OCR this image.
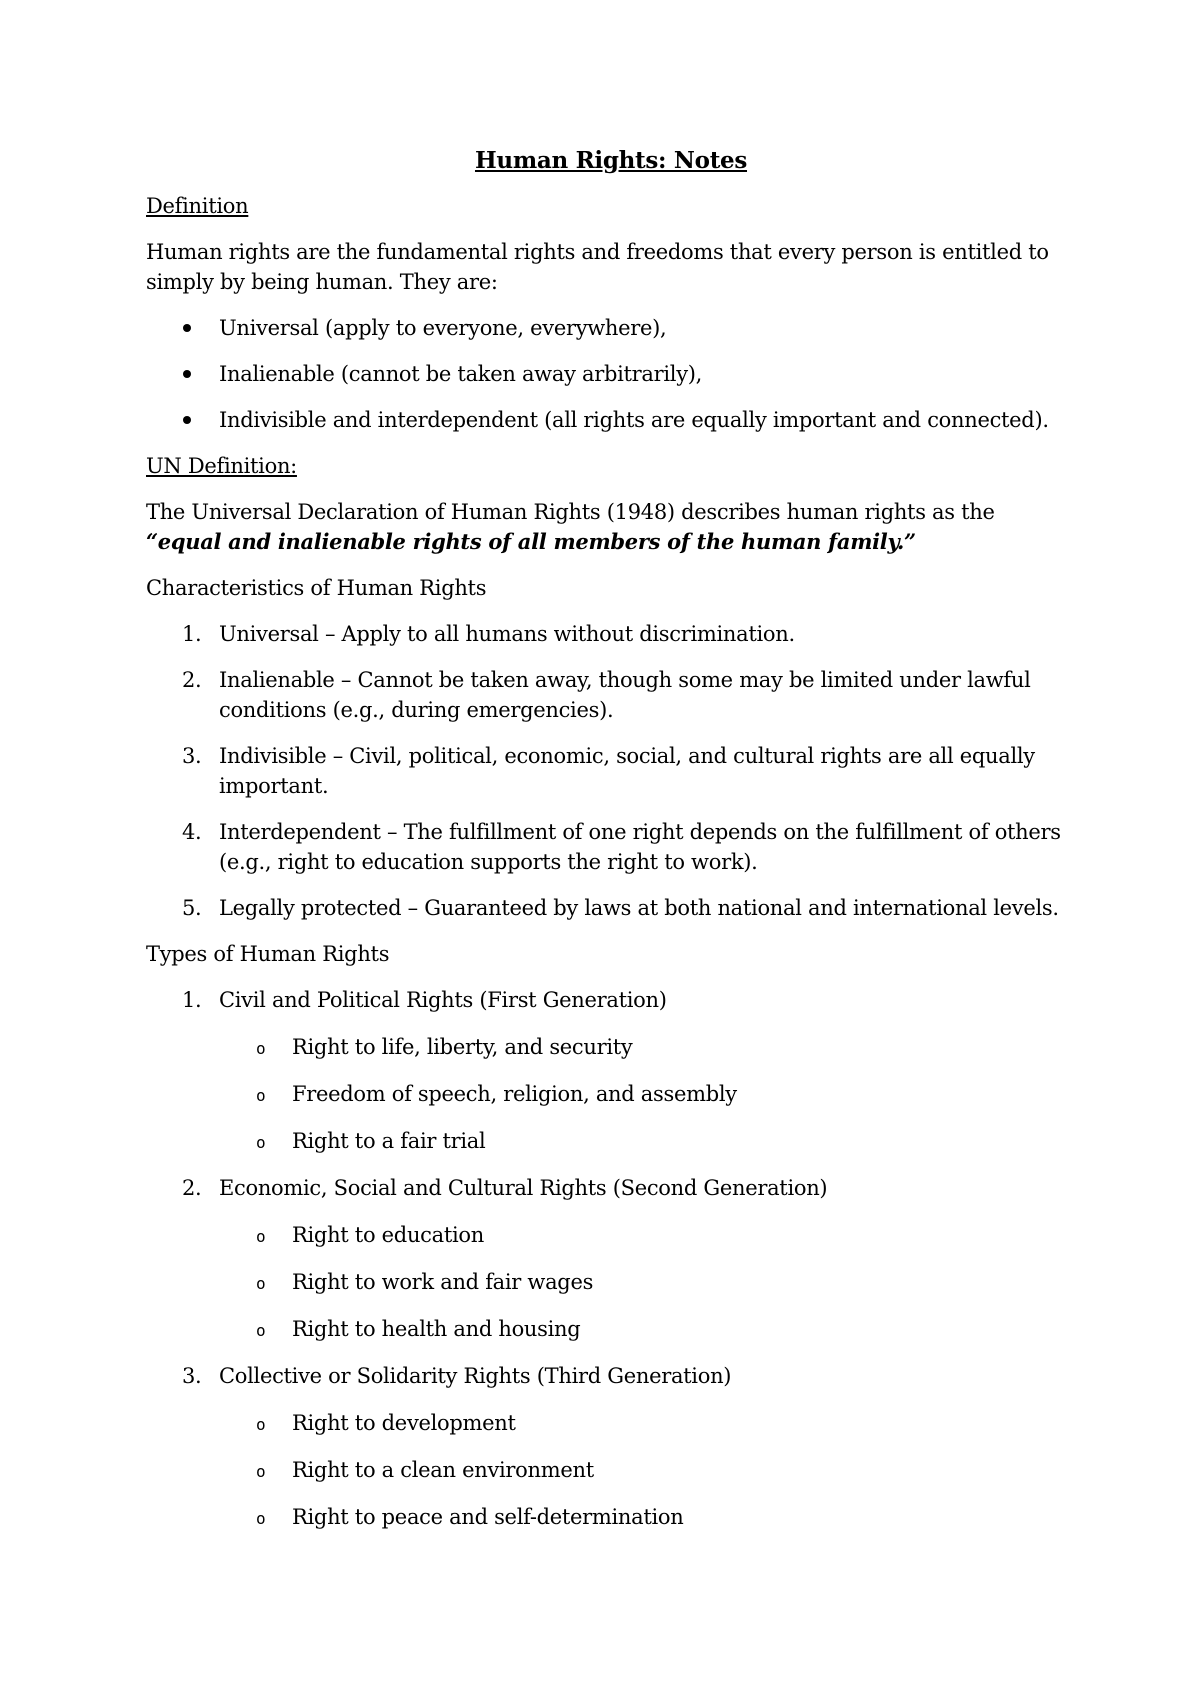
Human Rights: Notes
Definition

Human rights are the fundamental rights and freedoms that every person is entitled to simply by being human. They are:

Universal (apply to everyone, everywhere),
Inalienable (cannot be taken away arbitrarily),
Indivisible and interdependent (all rights are equally important and connected).
UN Definition:

The Universal Declaration of Human Rights (1948) describes human rights as the
“equal and inalienable rights of all members of the human family.”

Characteristics of Human Rights
1. Universal – Apply to all humans without discrimination.
2. Inalienable – Cannot be taken away, though some may be limited under lawful conditions (e.g., during emergencies).
3. Indivisible – Civil, political, economic, social, and cultural rights are all equally important.
4. Interdependent – The fulfillment of one right depends on the fulfillment of others (e.g., right to education supports the right to work).
5. Legally protected – Guaranteed by laws at both national and international levels.
Types of Human Rights
1. Civil and Political Rights (First Generation)
o Right to life, liberty, and security
o Freedom of speech, religion, and assembly
o Right to a fair trial
2. Economic, Social and Cultural Rights (Second Generation)
o Right to education
o Right to work and fair wages
o Right to health and housing
3. Collective or Solidarity Rights (Third Generation)
o Right to development
o Right to a clean environment
o Right to peace and self-determination
